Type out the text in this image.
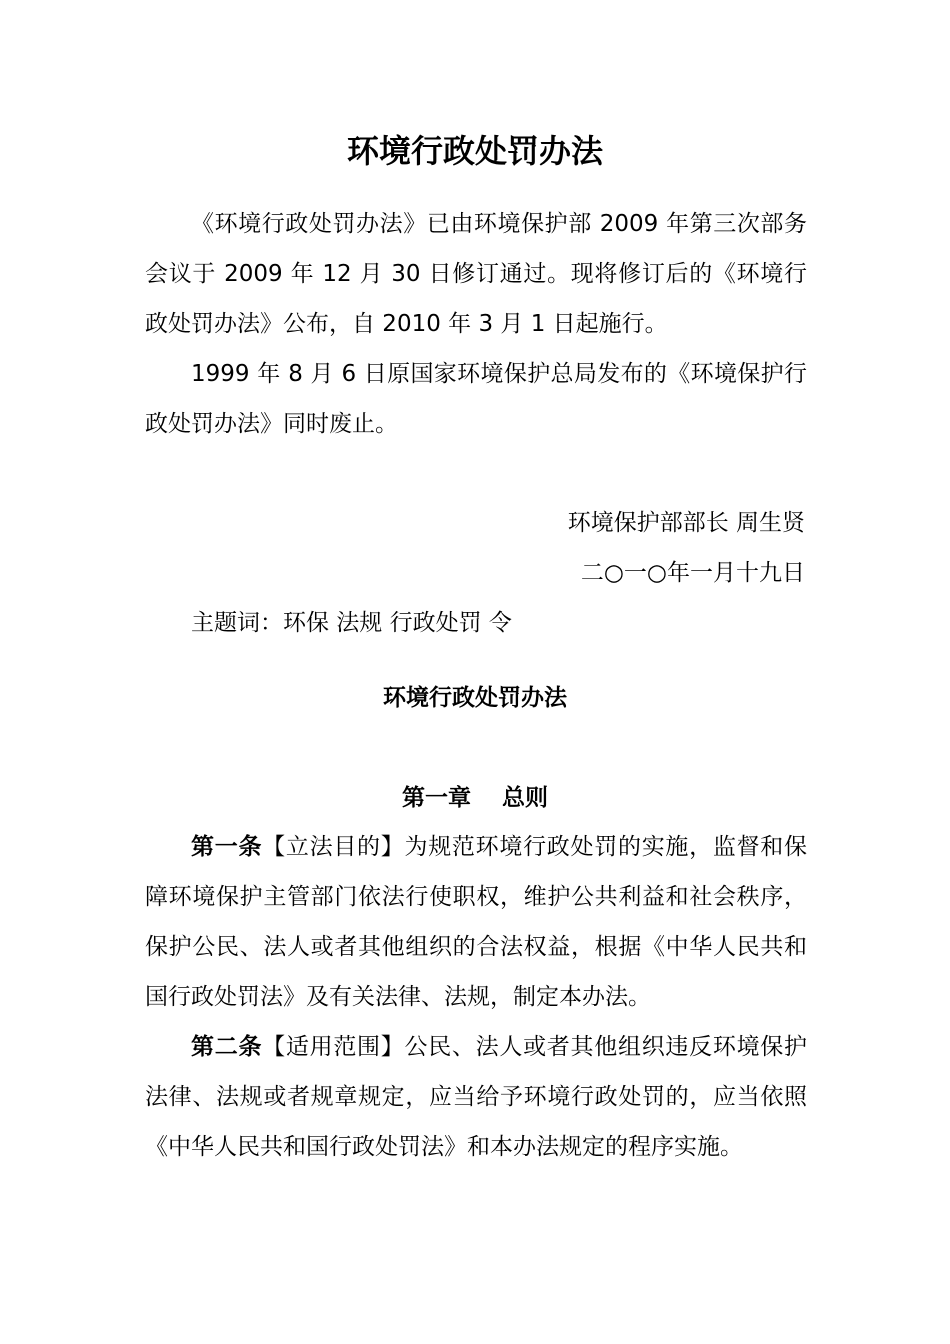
环境行政处罚办法

《环境行政处罚办法》已由环境保护部 2009 年第三次部务会议于 2009 年 12 月 30 日修订通过。现将修订后的《环境行政处罚办法》公布，自 2010 年 3 月 1 日起施行。

1999 年 8 月 6 日原国家环境保护总局发布的《环境保护行政处罚办法》同时废止。

环境保护部部长 周生贤
二○一○年一月十九日
主题词：环保 法规 行政处罚 令
环境行政处罚办法
第一章　 总则

第一条【立法目的】为规范环境行政处罚的实施，监督和保障环境保护主管部门依法行使职权，维护公共利益和社会秩序，保护公民、法人或者其他组织的合法权益，根据《中华人民共和国行政处罚法》及有关法律、法规，制定本办法。

第二条【适用范围】公民、法人或者其他组织违反环境保护法律、法规或者规章规定，应当给予环境行政处罚的，应当依照《中华人民共和国行政处罚法》和本办法规定的程序实施。
